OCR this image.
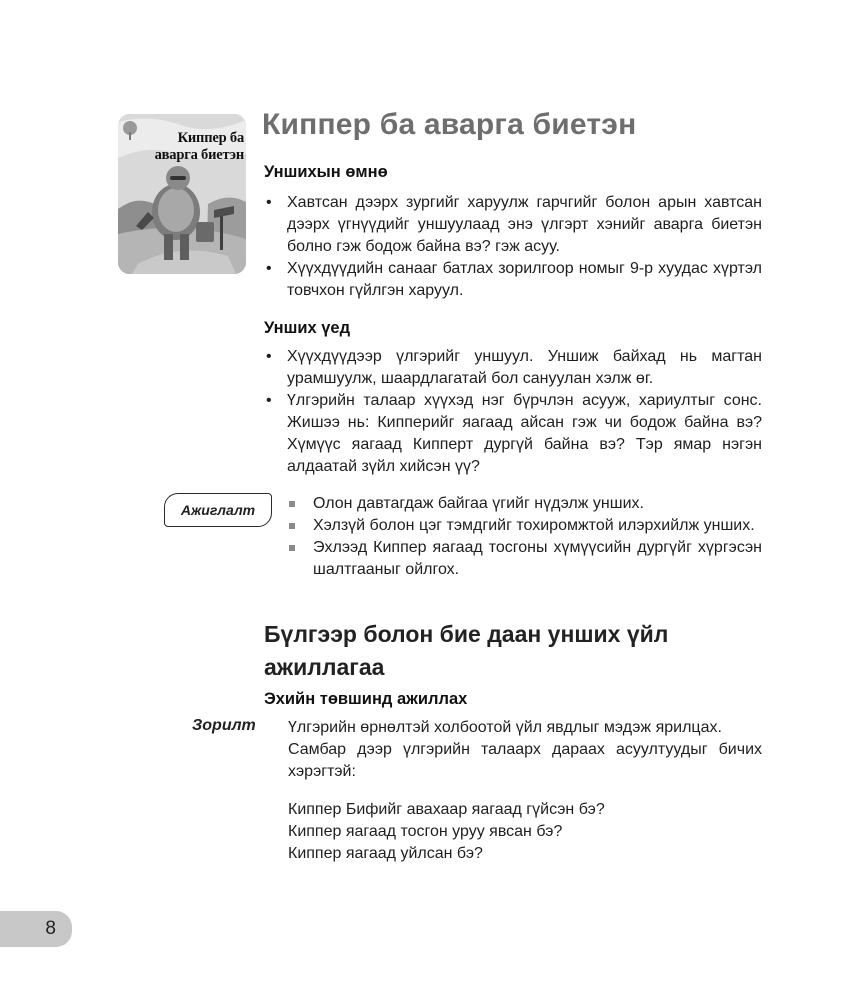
Киппер ба
аварга биетэн
Киппер ба аварга биетэн
Уншихын өмнө
• Хавтсан дээрх зургийг харуулж гарчгийг болон арын хавтсан дээрх үгнүүдийг уншуулаад энэ үлгэрт хэнийг аварга биетэн болно гэж бодож байна вэ? гэж асуу.
• Хүүхдүүдийн санааг батлах зорилгоор номыг 9-р хуудас хүртэл товчхон гүйлгэн харуул.
Унших үед
• Хүүхдүүдээр үлгэрийг уншуул. Уншиж байхад нь магтан урамшуулж, шаардлагатай бол сануулан хэлж өг.
• Үлгэрийн талаар хүүхэд нэг бүрчлэн асууж, хариултыг сонс. Жишээ нь: Кипперийг яагаад айсан гэж чи бодож байна вэ? Хүмүүс яагаад Кипперт дургүй байна вэ? Тэр ямар нэгэн алдаатай зүйл хийсэн үү?
Ажиглалт	Олон давтагдаж байгаа үгийг нүдэлж унших.
Хэлзүй болон цэг тэмдгийг тохиромжтой илэрхийлж унших.
Эхлээд Киппер яагаад тосгоны хүмүүсийн дургүйг хүргэсэн шалтгааныг ойлгох.
Бүлгээр болон бие даан унших үйл ажиллагаа
Эхийн төвшинд ажиллах
Зорилт Үлгэрийн өрнөлтэй холбоотой үйл явдлыг мэдэж ярилцах.

Самбар дээр үлгэрийн талаарх дараах асуултуудыг бичих хэрэгтэй:

Киппер Бифийг авахаар яагаад гүйсэн бэ?

Киппер яагаад тосгон уруу явсан бэ?

Киппер яагаад уйлсан бэ?

8
